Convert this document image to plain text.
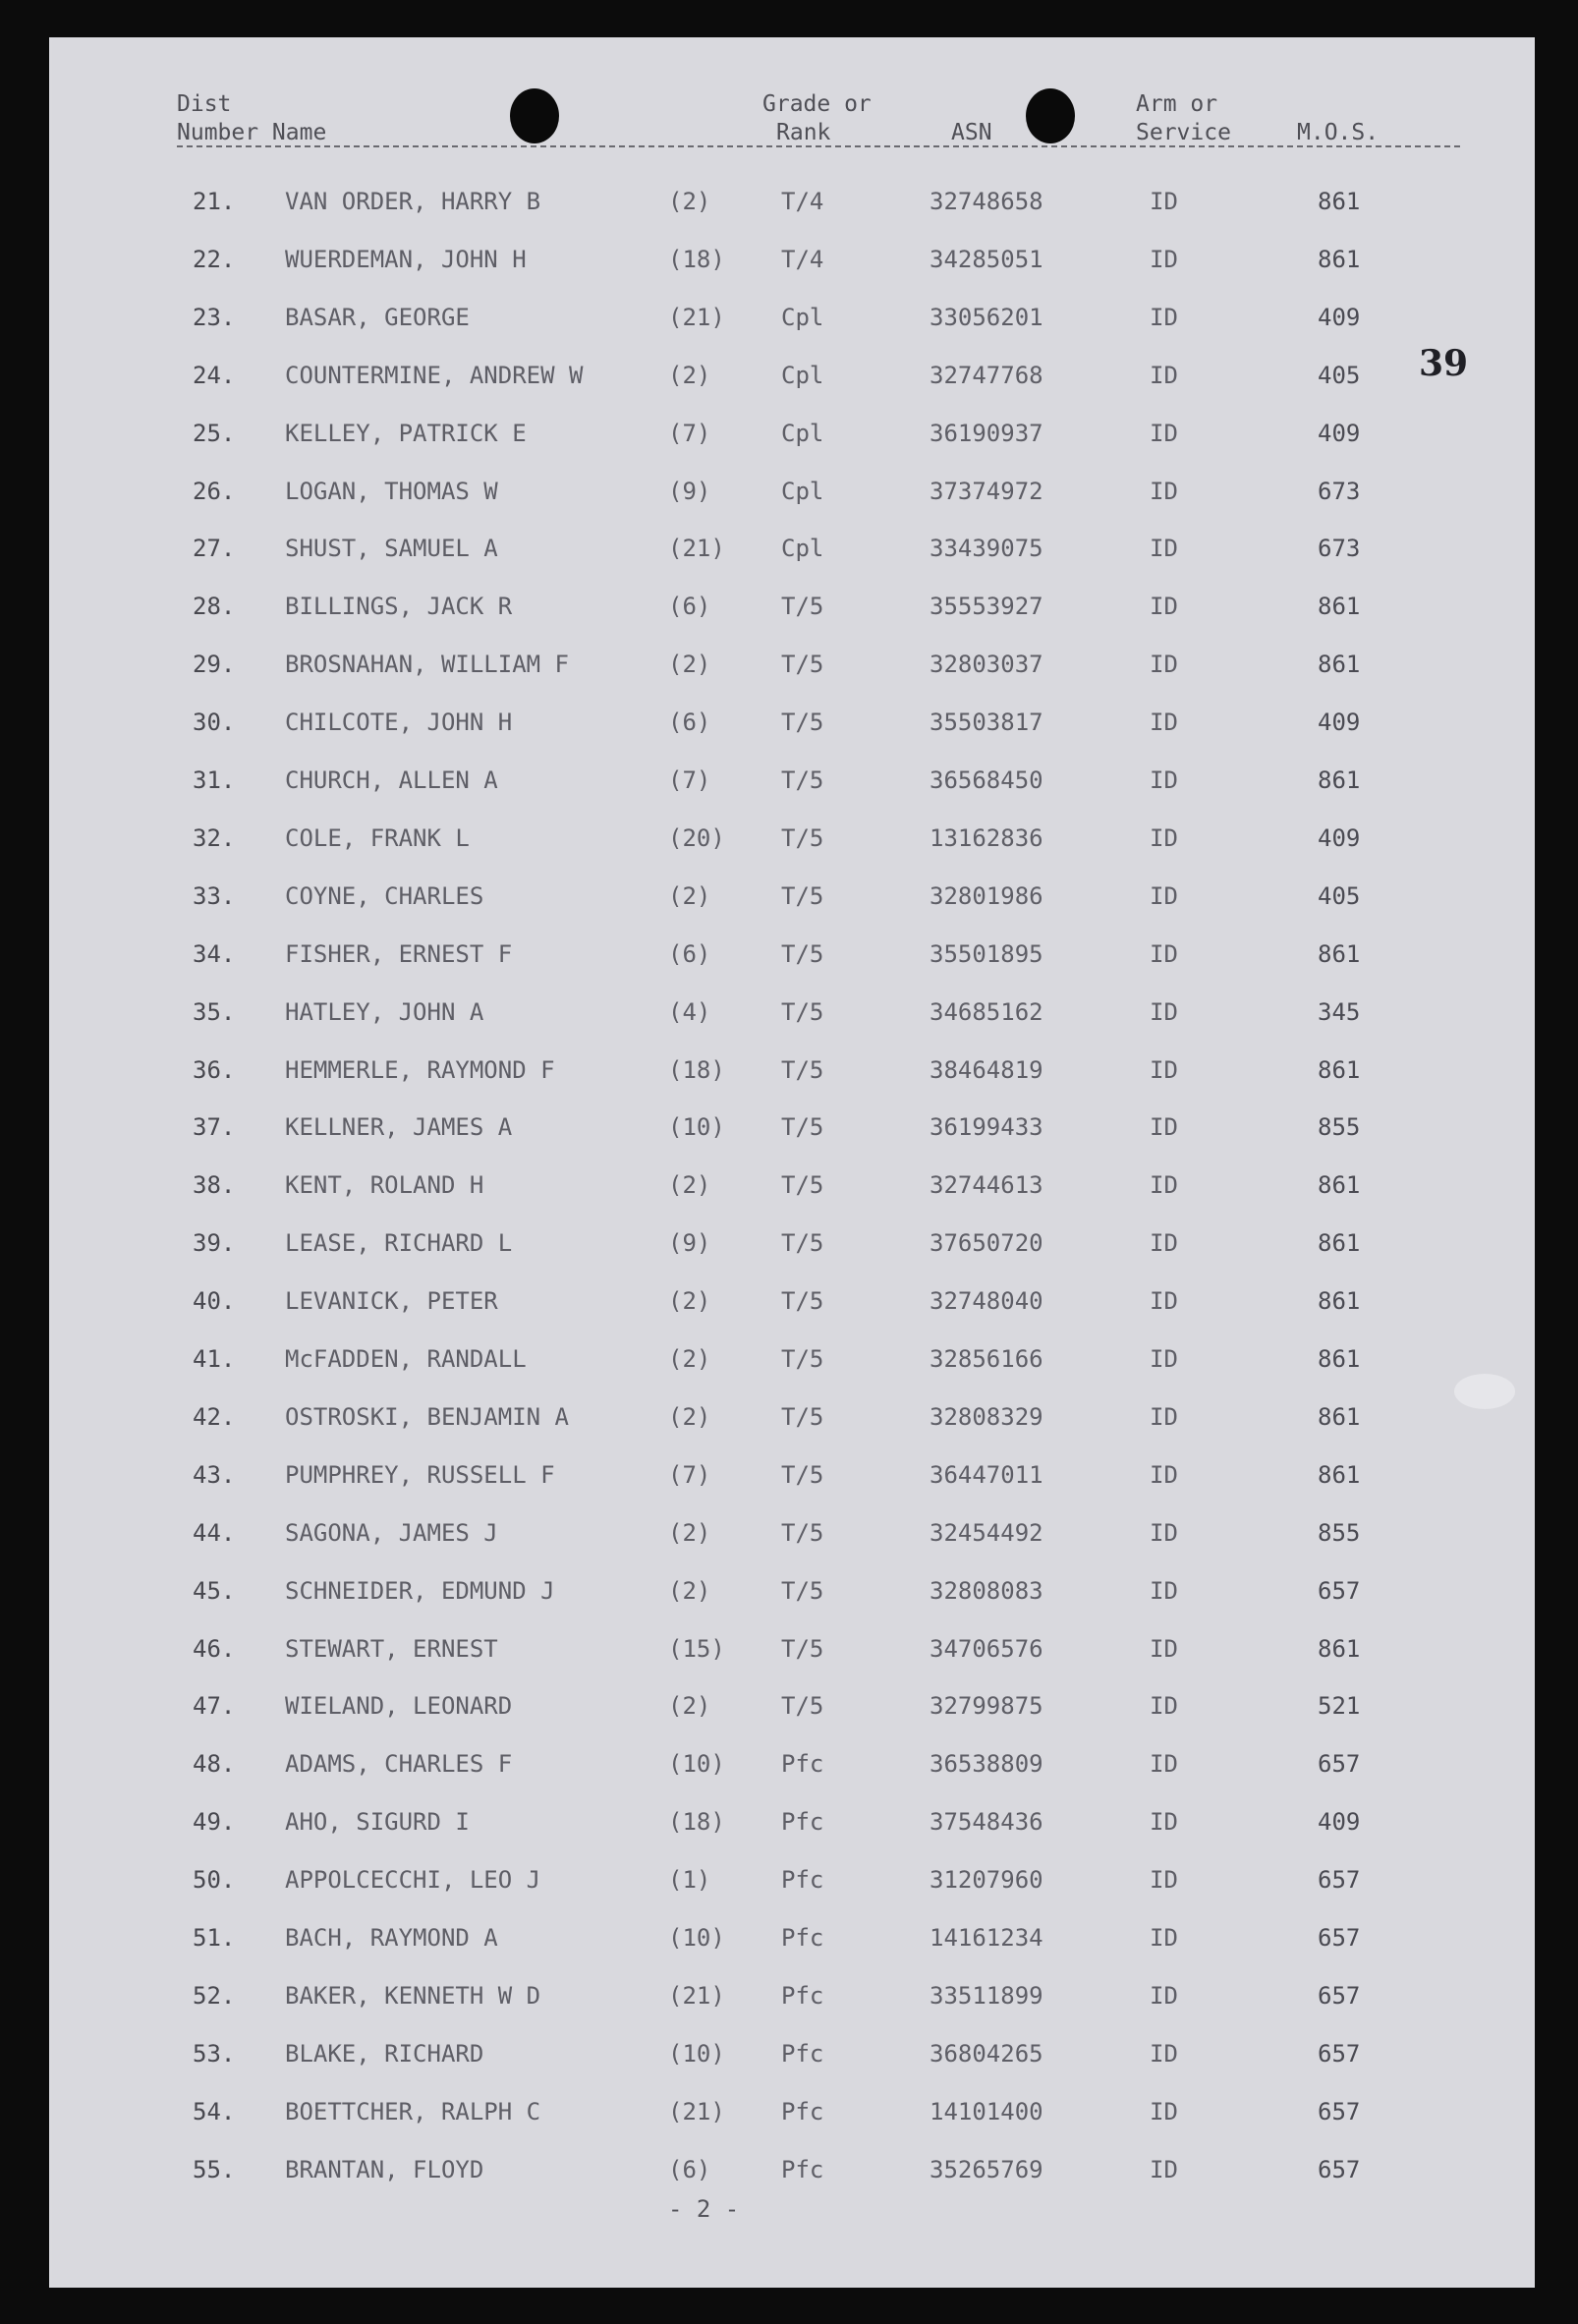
Dist
Number Name
Grade or
Rank	ASN
Arm or
Service	M.O.S.
21. VAN ORDER, HARRY B	(2)	T/4	32748658	ID	861
22. WUERDEMAN, JOHN H	(18) T/4	34285051	ID	861
23. BASAR, GEORGE	(21) Cpl	33056201	ID	409
24. COUNTERMINE, ANDREW W	(2)	Cpl	32747768	ID	405
25. KELLEY, PATRICK E	(7)	Cpl	36190937	ID	409
26. LOGAN, THOMAS W	(9)	Cpl	37374972	ID	673
27. SHUST, SAMUEL A	(21) Cpl	33439075	ID	673
28. BILLINGS, JACK R	(6)	T/5	35553927	ID	861
29. BROSNAHAN, WILLIAM F	(2)	T/5	32803037	ID	861
30. CHILCOTE, JOHN H	(6)	T/5	35503817	ID	409
31. CHURCH, ALLEN A	(7)	T/5	36568450	ID	861
32. COLE, FRANK L	(20) T/5	13162836	ID	409
33. COYNE, CHARLES	(2)	T/5	32801986	ID	405
34. FISHER, ERNEST F	(6)	T/5	35501895	ID	861
35. HATLEY, JOHN A	(4)	T/5	34685162	ID	345
36. HEMMERLE, RAYMOND F	(18) T/5	38464819	ID	861
37. KELLNER, JAMES A	(10) T/5	36199433	ID	855
38. KENT, ROLAND H	(2)	T/5	32744613	ID	861
39. LEASE, RICHARD L	(9)	T/5	37650720	ID	861
40. LEVANICK, PETER	(2)	T/5	32748040	ID	861
41. McFADDEN, RANDALL	(2)	T/5	32856166	ID	861
42. OSTROSKI, BENJAMIN A	(2)	T/5	32808329	ID	861
43. PUMPHREY, RUSSELL F	(7)	T/5	36447011	ID	861
44. SAGONA, JAMES J	(2)	T/5	32454492	ID	855
45. SCHNEIDER, EDMUND J	(2)	T/5	32808083	ID	657
46. STEWART, ERNEST	(15) T/5	34706576	ID	861
47. WIELAND, LEONARD	(2)	T/5	32799875	ID	521
48. ADAMS, CHARLES F	(10) Pfc	36538809	ID	657
49. AHO, SIGURD I	(18) Pfc	37548436	ID	409
50. APPOLCECCHI, LEO J	(1)	Pfc	31207960	ID	657
51. BACH, RAYMOND A	(10) Pfc	14161234	ID	657
52. BAKER, KENNETH W D	(21) Pfc	33511899	ID	657
53. BLAKE, RICHARD	(10) Pfc	36804265	ID	657
54. BOETTCHER, RALPH C	(21) Pfc	14101400	ID	657
55. BRANTAN, FLOYD	(6)	Pfc	35265769	ID	657
39
- 2 -
